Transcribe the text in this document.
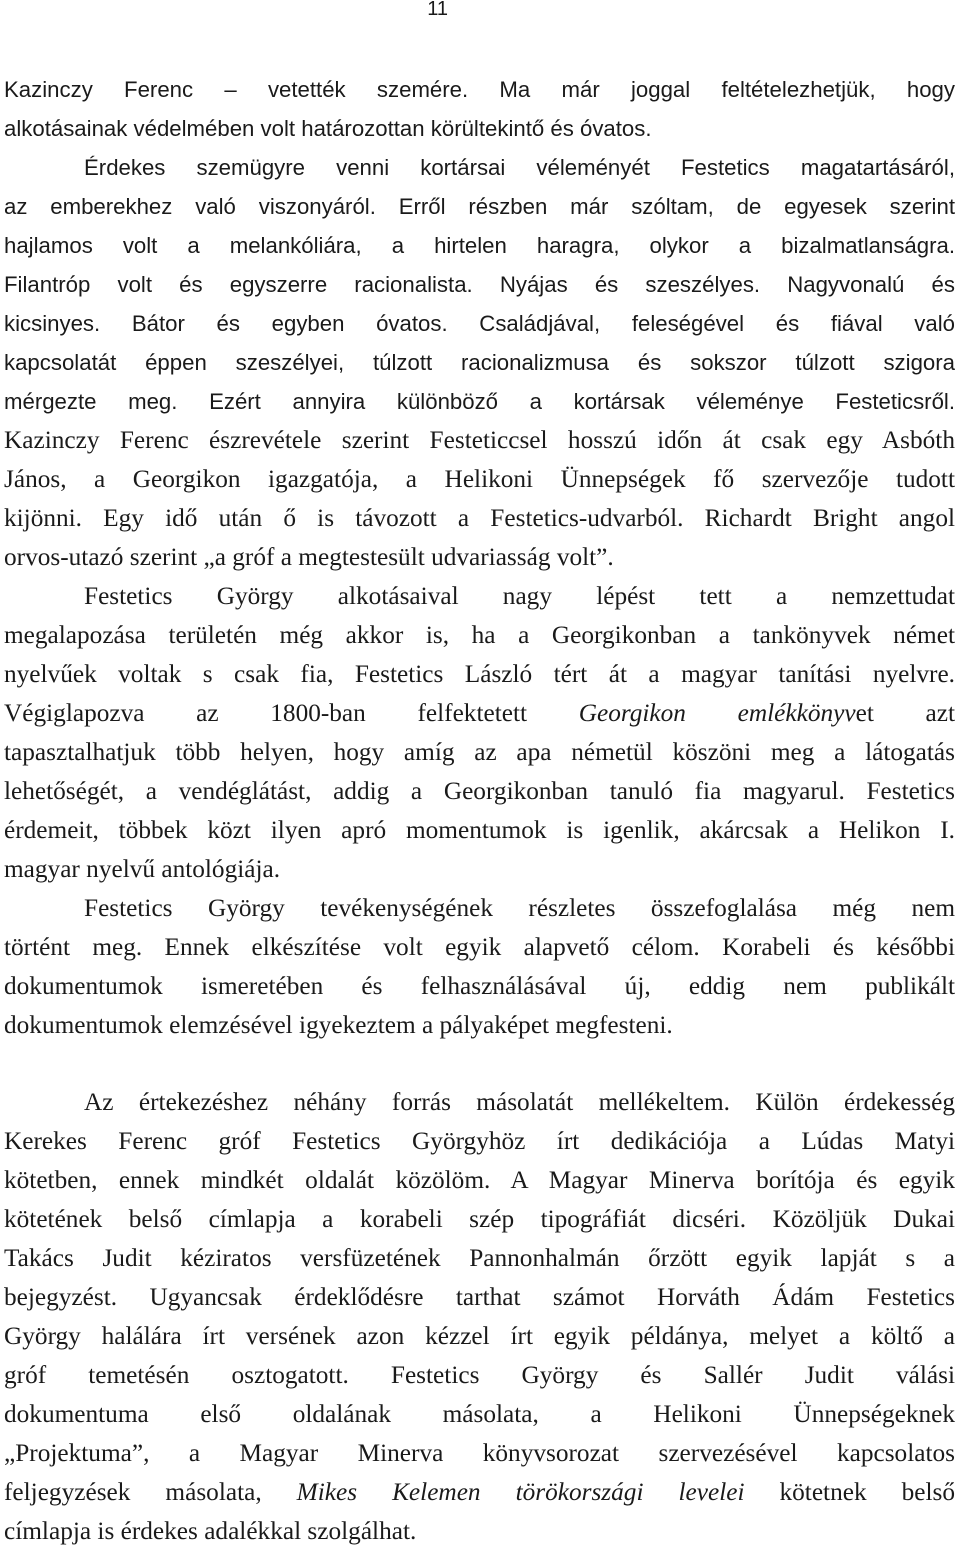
11
Kazinczy Ferenc – vetették szemére. Ma már joggal feltételezhetjük, hogy
alkotásainak védelmében volt határozottan körültekintő és óvatos.
Érdekes szemügyre venni kortársai véleményét Festetics magatartásáról,
az emberekhez való viszonyáról. Erről részben már szóltam, de egyesek szerint
hajlamos volt a melankóliára, a hirtelen haragra, olykor a bizalmatlanságra.
Filantróp volt és egyszerre racionalista. Nyájas és szeszélyes. Nagyvonalú és
kicsinyes. Bátor és egyben óvatos. Családjával, feleségével és fiával való
kapcsolatát éppen szeszélyei, túlzott racionalizmusa és sokszor túlzott szigora
mérgezte meg. Ezért annyira különböző a kortársak véleménye Festeticsről.
Kazinczy Ferenc észrevétele szerint Festeticcsel hosszú időn át csak egy Asbóth
János, a Georgikon igazgatója, a Helikoni Ünnepségek fő szervezője tudott
kijönni. Egy idő után ő is távozott a Festetics-udvarból. Richardt Bright angol
orvos-utazó szerint „a gróf a megtestesült udvariasság volt”.
Festetics György alkotásaival nagy lépést tett a nemzettudat
megalapozása területén még akkor is, ha a Georgikonban a tankönyvek német
nyelvűek voltak s csak fia, Festetics László tért át a magyar tanítási nyelvre.
Végiglapozva az 1800-ban felfektetett Georgikon emlékkönyvet azt
tapasztalhatjuk több helyen, hogy amíg az apa németül köszöni meg a látogatás
lehetőségét, a vendéglátást, addig a Georgikonban tanuló fia magyarul. Festetics
érdemeit, többek közt ilyen apró momentumok is igenlik, akárcsak a Helikon I.
magyar nyelvű antológiája.
Festetics György tevékenységének részletes összefoglalása még nem
történt meg. Ennek elkészítése volt egyik alapvető célom. Korabeli és későbbi
dokumentumok ismeretében és felhasználásával új, eddig nem publikált
dokumentumok elemzésével igyekeztem a pályaképet megfesteni.
Az értekezéshez néhány forrás másolatát mellékeltem. Külön érdekesség
Kerekes Ferenc gróf Festetics Györgyhöz írt dedikációja a Lúdas Matyi
kötetben, ennek mindkét oldalát közölöm. A Magyar Minerva borítója és egyik
kötetének belső címlapja a korabeli szép tipográfiát dicséri. Közöljük Dukai
Takács Judit kéziratos versfüzetének Pannonhalmán őrzött egyik lapját s a
bejegyzést. Ugyancsak érdeklődésre tarthat számot Horváth Ádám Festetics
György halálára írt versének azon kézzel írt egyik példánya, melyet a költő a
gróf temetésén osztogatott. Festetics György és Sallér Judit válási
dokumentuma első oldalának másolata, a Helikoni Ünnepségeknek
„Projektuma”, a Magyar Minerva könyvsorozat szervezésével kapcsolatos
feljegyzések másolata, Mikes Kelemen törökországi levelei kötetnek belső
címlapja is érdekes adalékkal szolgálhat.
